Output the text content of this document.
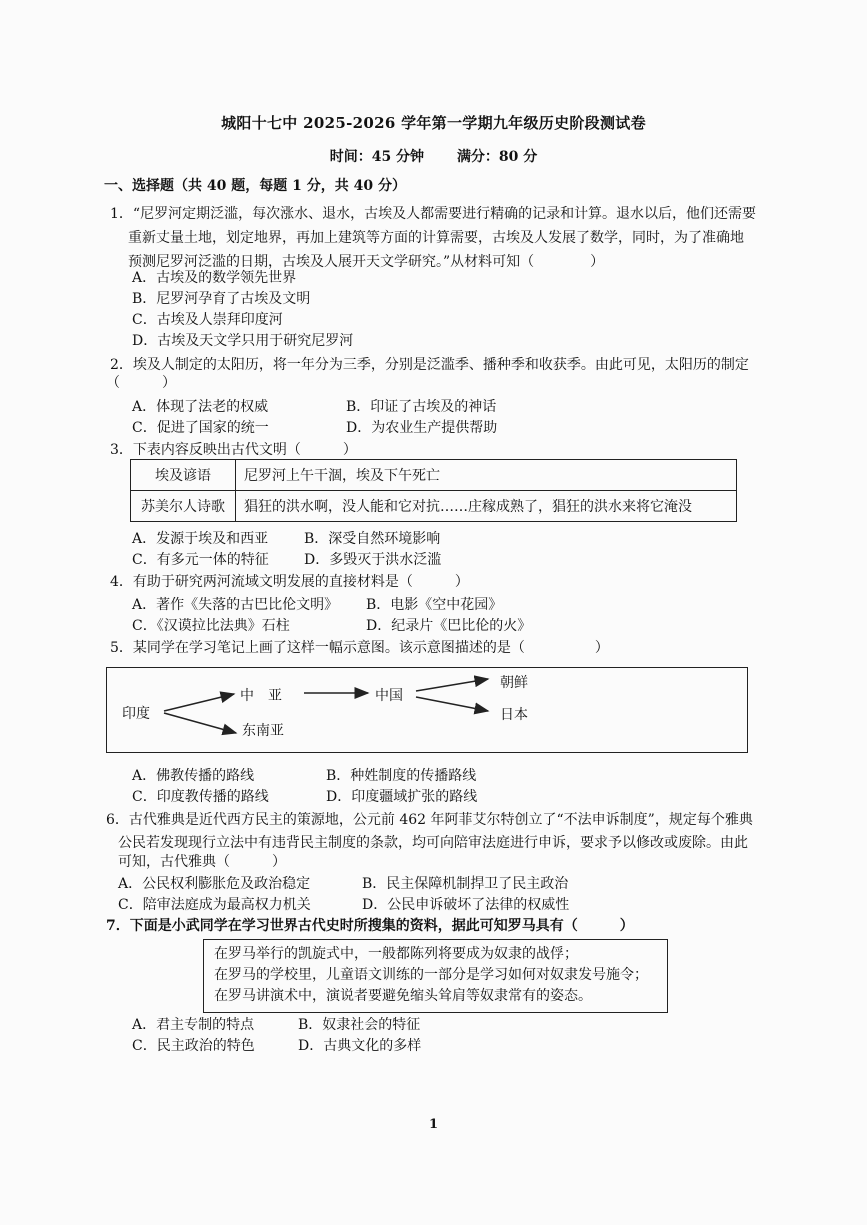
城阳十七中 2025-2026 学年第一学期九年级历史阶段测试卷
时间：45 分钟 满分：80 分
一、选择题（共 40 题，每题 1 分，共 40 分）
1．“尼罗河定期泛滥，每次涨水、退水，古埃及人都需要进行精确的记录和计算。退水以后，他们还需要
重新丈量土地，划定地界，再加上建筑等方面的计算需要，古埃及人发展了数学，同时，为了准确地
预测尼罗河泛滥的日期，古埃及人展开天文学研究。”从材料可知（　　　　）
A．古埃及的数学领先世界
B．尼罗河孕育了古埃及文明
C．古埃及人崇拜印度河
D．古埃及天文学只用于研究尼罗河
2．埃及人制定的太阳历，将一年分为三季，分别是泛滥季、播种季和收获季。由此可见，太阳历的制定
（　　　）
A．体现了法老的权威	B．印证了古埃及的神话
C．促进了国家的统一	D．为农业生产提供帮助
3．下表内容反映出古代文明（　　　）
埃及谚语	尼罗河上午干涸，埃及下午死亡
苏美尔人诗歌	猖狂的洪水啊，没人能和它对抗……庄稼成熟了，猖狂的洪水来将它淹没
A．发源于埃及和西亚	B．深受自然环境影响
C．有多元一体的特征	D．多毁灭于洪水泛滥
4．有助于研究两河流域文明发展的直接材料是（　　　）
A．著作《失落的古巴比伦文明》 B．电影《空中花园》
C．《汉谟拉比法典》石柱	D．纪录片《巴比伦的火》
5．某同学在学习笔记上画了这样一幅示意图。该示意图描述的是（　　　　　）
印度
中　亚	中国
朝鲜
日本
东南亚
A．佛教传播的路线	B．种姓制度的传播路线
C．印度教传播的路线	D．印度疆域扩张的路线
6．古代雅典是近代西方民主的策源地，公元前 462 年阿菲艾尔特创立了“不法申诉制度”，规定每个雅典
公民若发现现行立法中有违背民主制度的条款，均可向陪审法庭进行申诉，要求予以修改或废除。由此
可知，古代雅典（　　　）
A．公民权利膨胀危及政治稳定	B．民主保障机制捍卫了民主政治
C．陪审法庭成为最高权力机关	D．公民申诉破坏了法律的权威性
7．下面是小武同学在学习世界古代史时所搜集的资料，据此可知罗马具有（　　　）
在罗马举行的凯旋式中，一般都陈列将要成为奴隶的战俘；
在罗马的学校里，儿童语文训练的一部分是学习如何对奴隶发号施令；
在罗马讲演术中，演说者要避免缩头耸肩等奴隶常有的姿态。
A．君主专制的特点	B．奴隶社会的特征
C．民主政治的特色	D．古典文化的多样
1
